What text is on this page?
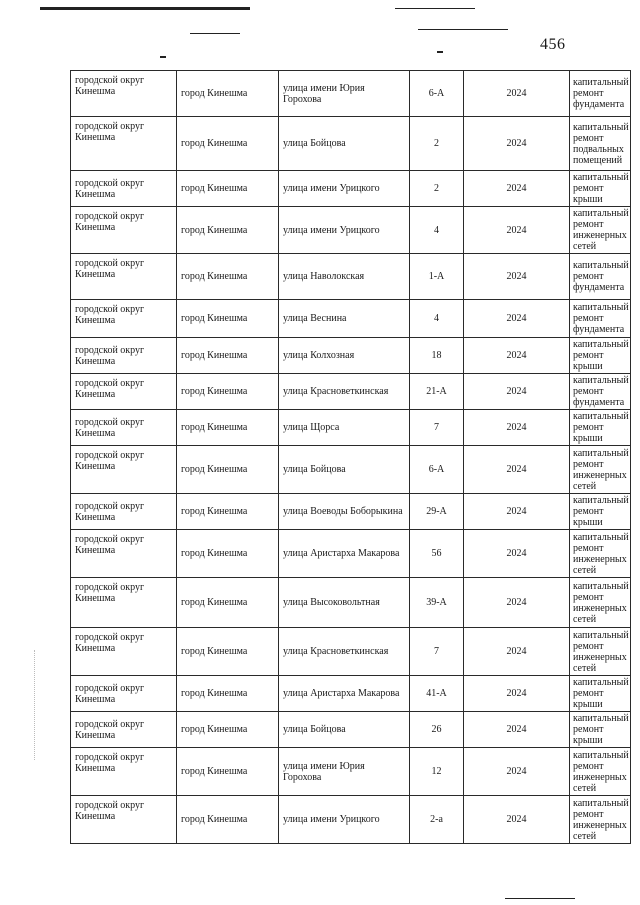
456
городской округ Кинешма	город Кинешма	улица имени Юрия Горохова	6-А	2024	капитальный ремонт фундамента
городской округ Кинешма	город Кинешма	улица Бойцова	2	2024	капитальный ремонт подвальных помещений
городской округ Кинешма	город Кинешма	улица имени Урицкого	2	2024	капитальный ремонт крыши
городской округ Кинешма	город Кинешма	улица имени Урицкого	4	2024	капитальный ремонт инженерных сетей
городской округ Кинешма	город Кинешма	улица Наволокская	1-А	2024	капитальный ремонт фундамента
городской округ Кинешма	город Кинешма	улица Веснина	4	2024	капитальный ремонт фундамента
городской округ Кинешма	город Кинешма	улица Колхозная	18	2024	капитальный ремонт крыши
городской округ Кинешма	город Кинешма	улица Красноветкинская	21-А	2024	капитальный ремонт фундамента
городской округ Кинешма	город Кинешма	улица Щорса	7	2024	капитальный ремонт крыши
городской округ Кинешма	город Кинешма	улица Бойцова	6-А	2024	капитальный ремонт инженерных сетей
городской округ Кинешма	город Кинешма	улица Воеводы Боборыкина	29-А	2024	капитальный ремонт крыши
городской округ Кинешма	город Кинешма	улица Аристарха Макарова	56	2024	капитальный ремонт инженерных сетей
городской округ Кинешма	город Кинешма	улица Высоковольтная	39-А	2024	капитальный ремонт инженерных сетей
городской округ Кинешма	город Кинешма	улица Красноветкинская	7	2024	капитальный ремонт инженерных сетей
городской округ Кинешма	город Кинешма	улица Аристарха Макарова	41-А	2024	капитальный ремонт крыши
городской округ Кинешма	город Кинешма	улица Бойцова	26	2024	капитальный ремонт крыши
городской округ Кинешма	город Кинешма	улица имени Юрия Горохова	12	2024	капитальный ремонт инженерных сетей
городской округ Кинешма	город Кинешма	улица имени Урицкого	2-а	2024	капитальный ремонт инженерных сетей
